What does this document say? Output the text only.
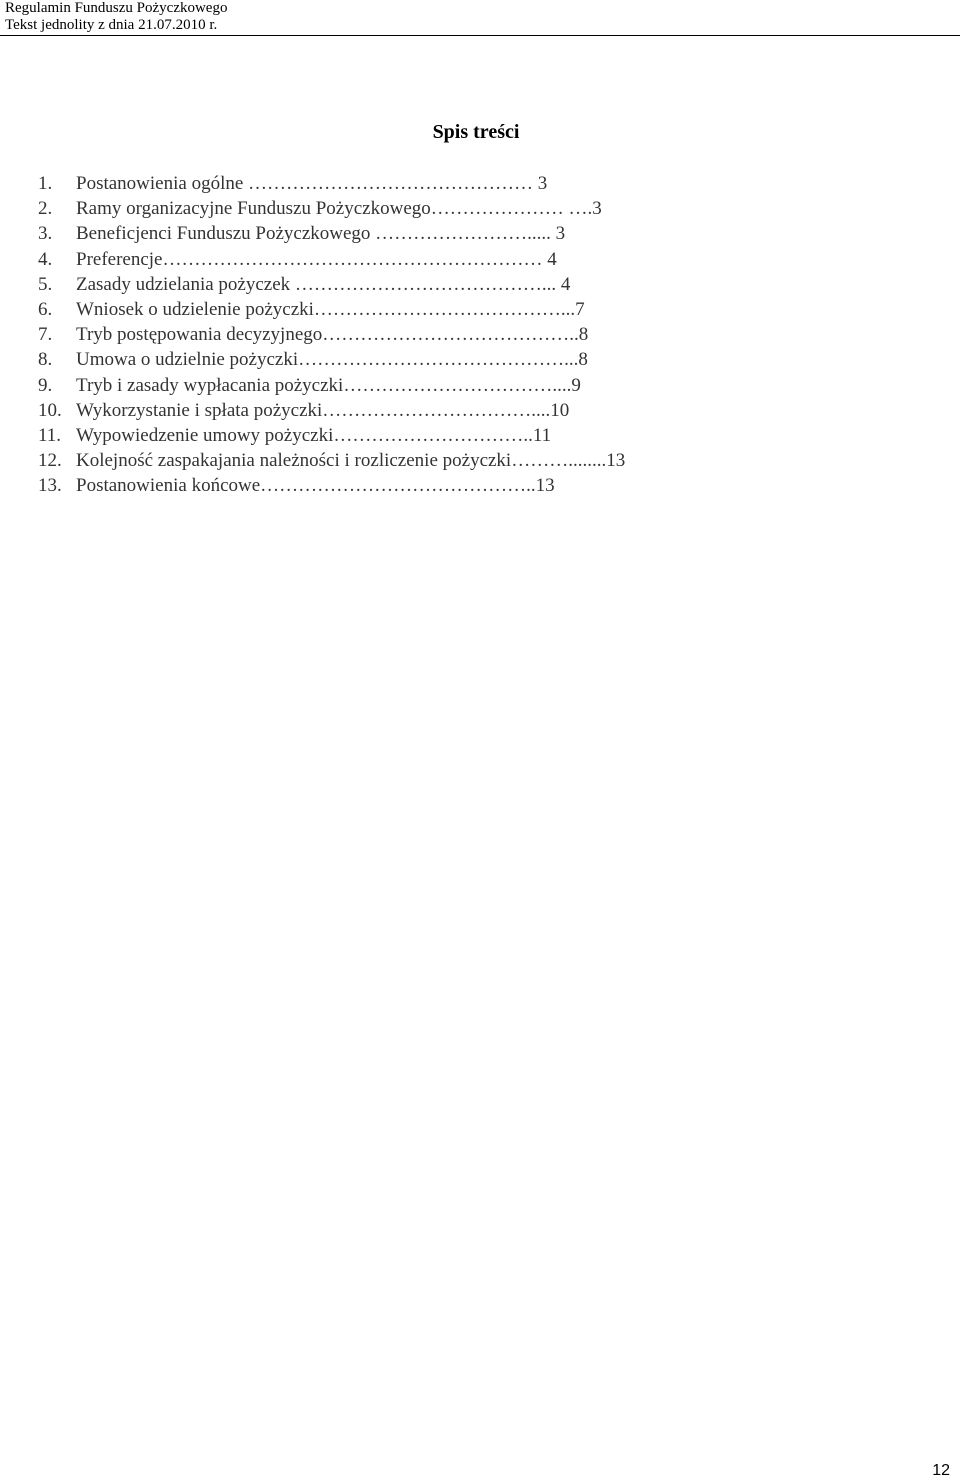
Regulamin Funduszu Pożyczkowego
Tekst jednolity z dnia 21.07.2010 r.
Spis treści
1. Postanowienia ogólne ……………………………………… 3
2. Ramy organizacyjne Funduszu Pożyczkowego………………… ….3
3. Beneficjenci Funduszu Pożyczkowego ……………………..... 3
4. Preferencje…………………………………………………… 4
5. Zasady udzielania pożyczek …………………………………... 4
6. Wniosek o udzielenie pożyczki…………………………………...7
7. Tryb postępowania decyzyjnego…………………………………..8
8. Umowa o udzielnie pożyczki……………………………………...8
9. Tryb i zasady wypłacania pożyczki……………………………....9
10. Wykorzystanie i spłata pożyczki……………………………....10
11. Wypowiedzenie umowy pożyczki…………………………..11
12. Kolejność zaspakajania należności i rozliczenie pożyczki………........13
13. Postanowienia końcowe……………………………………..13
12
